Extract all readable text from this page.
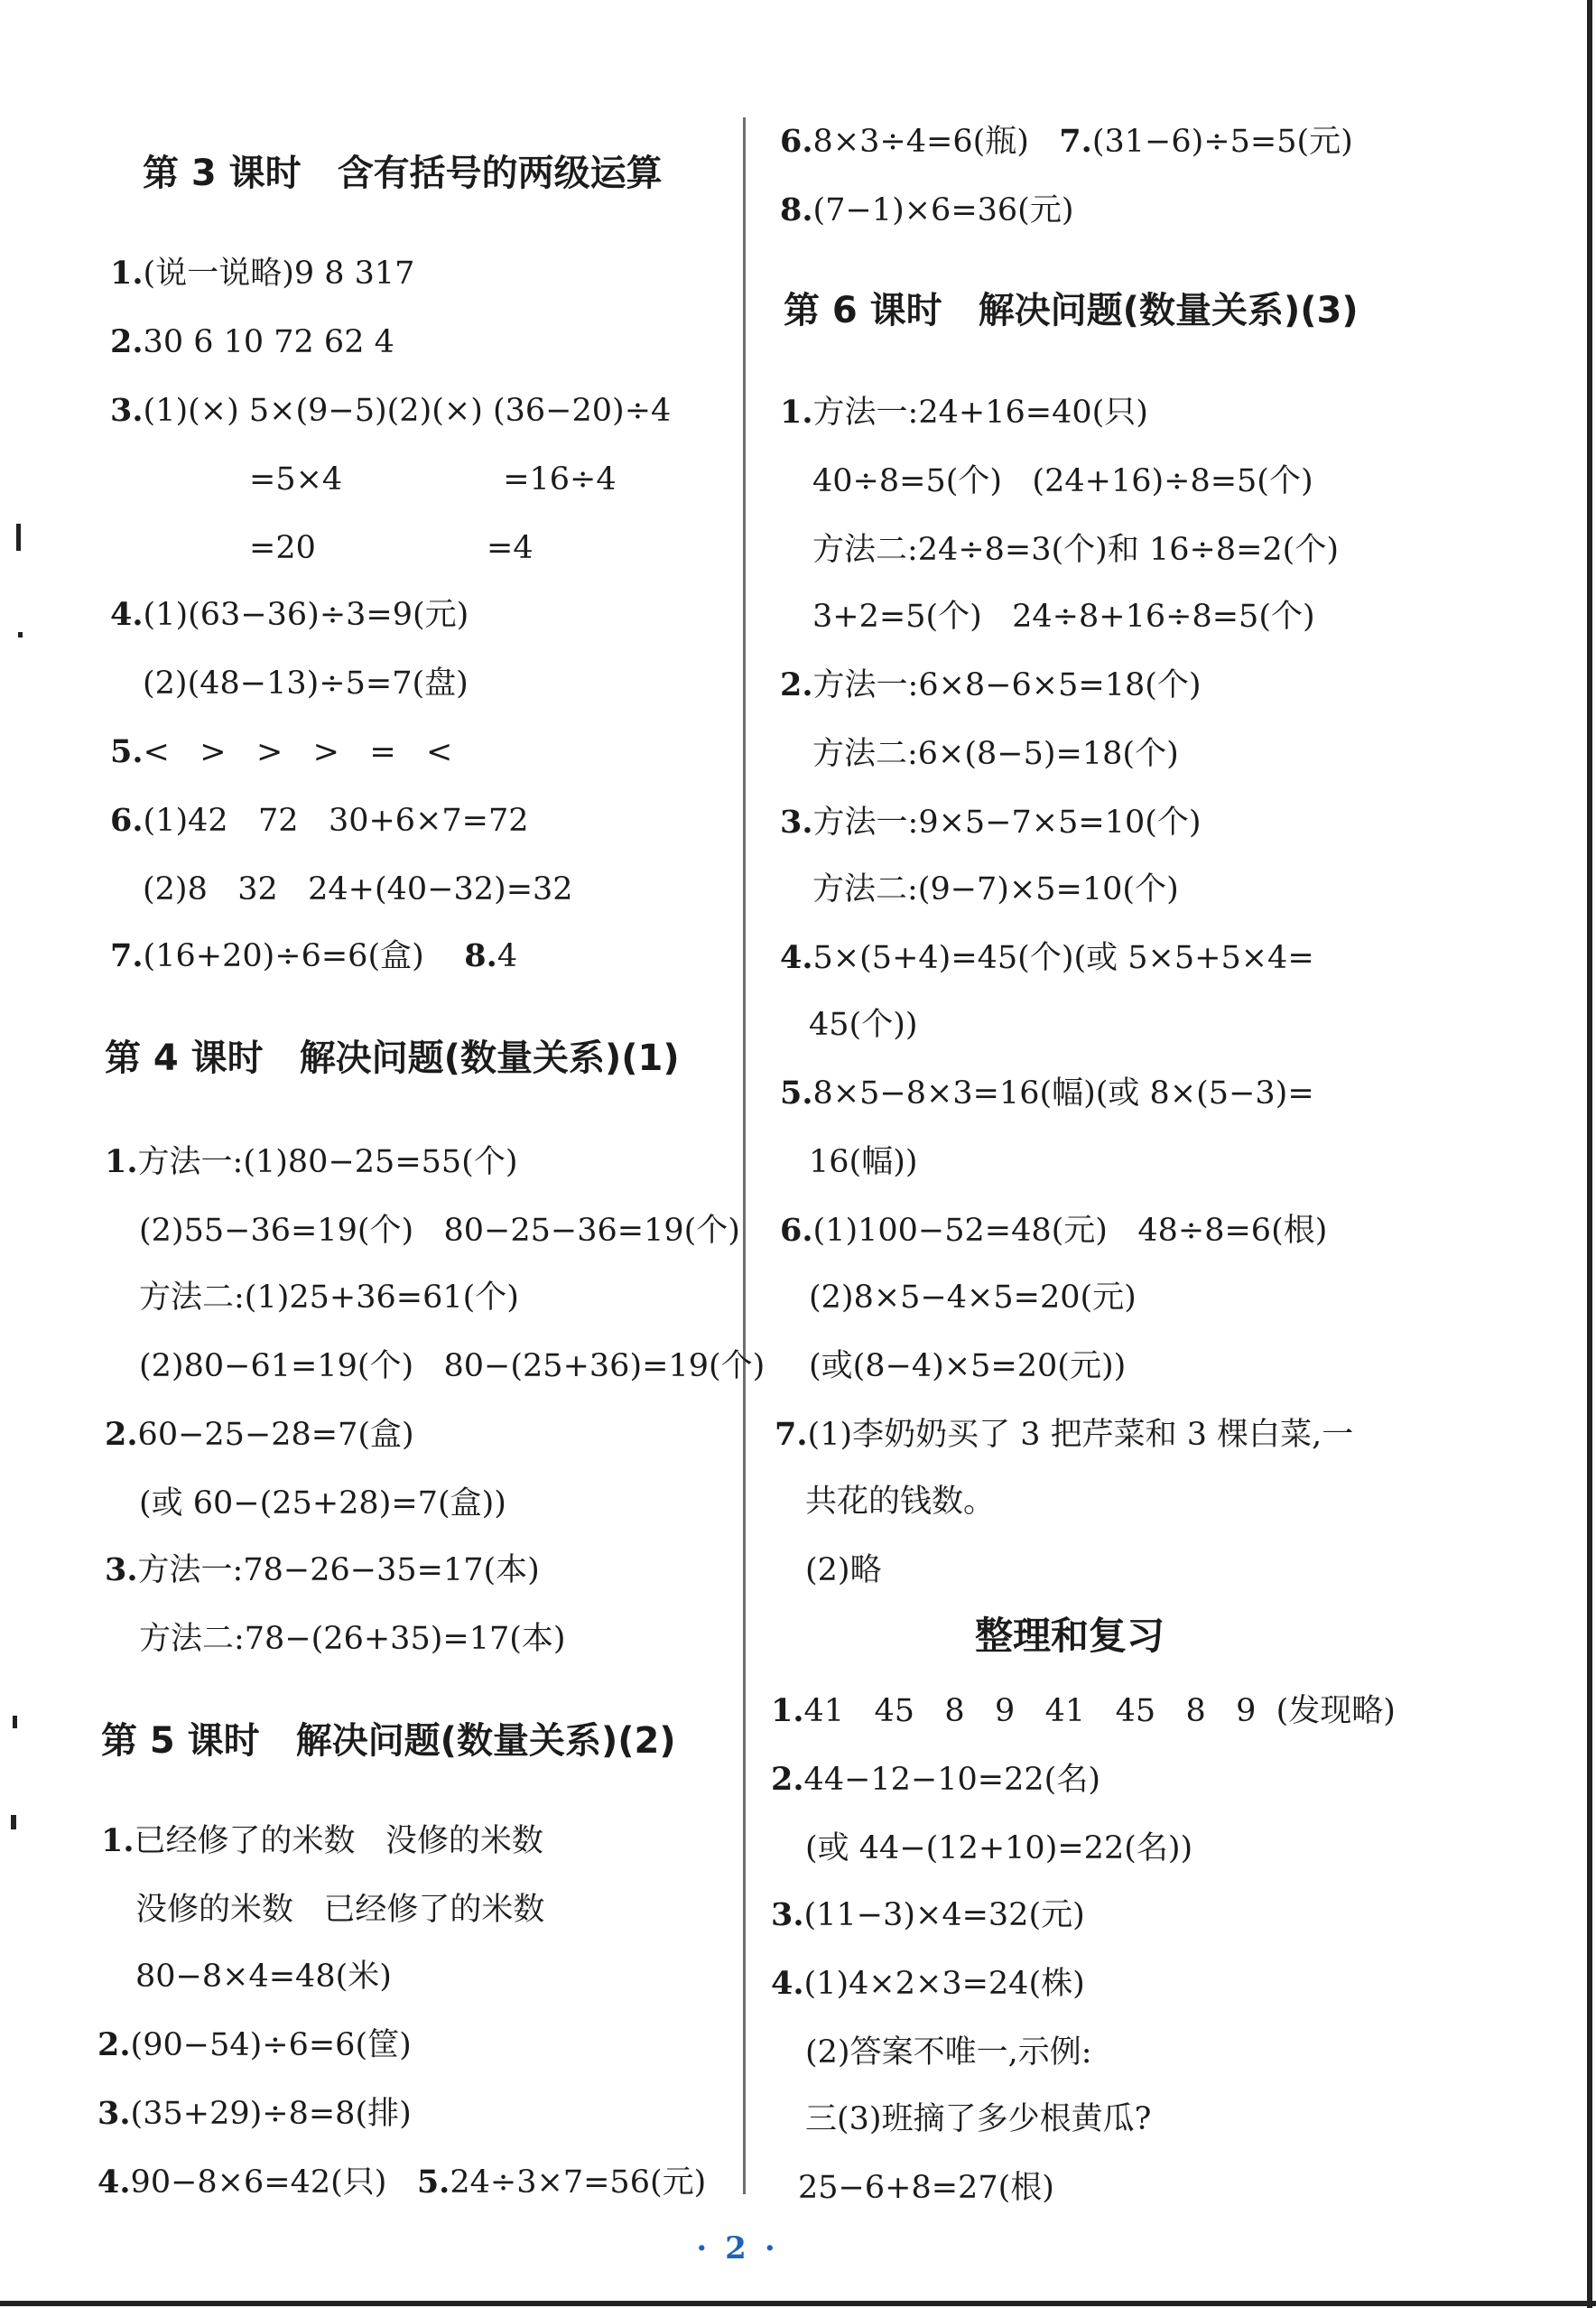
第 3 课时 含有括号的两级运算
1.(说一说略)9 8 317
2.30 6 10 72 62 4
3.(1)(×) 5×(9−5)(2)(×) (36−20)÷4
=5×4                =16÷4
=20                 =4
4.(1)(63−36)÷3=9(元)
(2)(48−13)÷5=7(盘)
5.<   >   >   >   =   <
6.(1)42   72   30+6×7=72
(2)8   32   24+(40−32)=32
7.(16+20)÷6=6(盒)    8.4
第 4 课时 解决问题(数量关系)(1)
1.方法一:(1)80−25=55(个)
(2)55−36=19(个)   80−25−36=19(个)
方法二:(1)25+36=61(个)
(2)80−61=19(个)   80−(25+36)=19(个)
2.60−25−28=7(盒)
(或 60−(25+28)=7(盒))
3.方法一:78−26−35=17(本)
方法二:78−(26+35)=17(本)
第 5 课时 解决问题(数量关系)(2)
1.已经修了的米数   没修的米数
没修的米数   已经修了的米数
80−8×4=48(米)
2.(90−54)÷6=6(筐)
3.(35+29)÷8=8(排)
4.90−8×6=42(只)   5.24÷3×7=56(元)
6.8×3÷4=6(瓶)   7.(31−6)÷5=5(元)
8.(7−1)×6=36(元)
第 6 课时 解决问题(数量关系)(3)
1.方法一:24+16=40(只)
40÷8=5(个)   (24+16)÷8=5(个)
方法二:24÷8=3(个)和 16÷8=2(个)
3+2=5(个)   24÷8+16÷8=5(个)
2.方法一:6×8−6×5=18(个)
方法二:6×(8−5)=18(个)
3.方法一:9×5−7×5=10(个)
方法二:(9−7)×5=10(个)
4.5×(5+4)=45(个)(或 5×5+5×4=
45(个))
5.8×5−8×3=16(幅)(或 8×(5−3)=
16(幅))
6.(1)100−52=48(元)   48÷8=6(根)
(2)8×5−4×5=20(元)
(或(8−4)×5=20(元))
7.(1)李奶奶买了 3 把芹菜和 3 棵白菜,一
共花的钱数。
(2)略
整理和复习
1.41   45   8   9   41   45   8   9  (发现略)
2.44−12−10=22(名)
(或 44−(12+10)=22(名))
3.(11−3)×4=32(元)
4.(1)4×2×3=24(株)
(2)答案不唯一,示例:
三(3)班摘了多少根黄瓜?
25−6+8=27(根)
·2·
